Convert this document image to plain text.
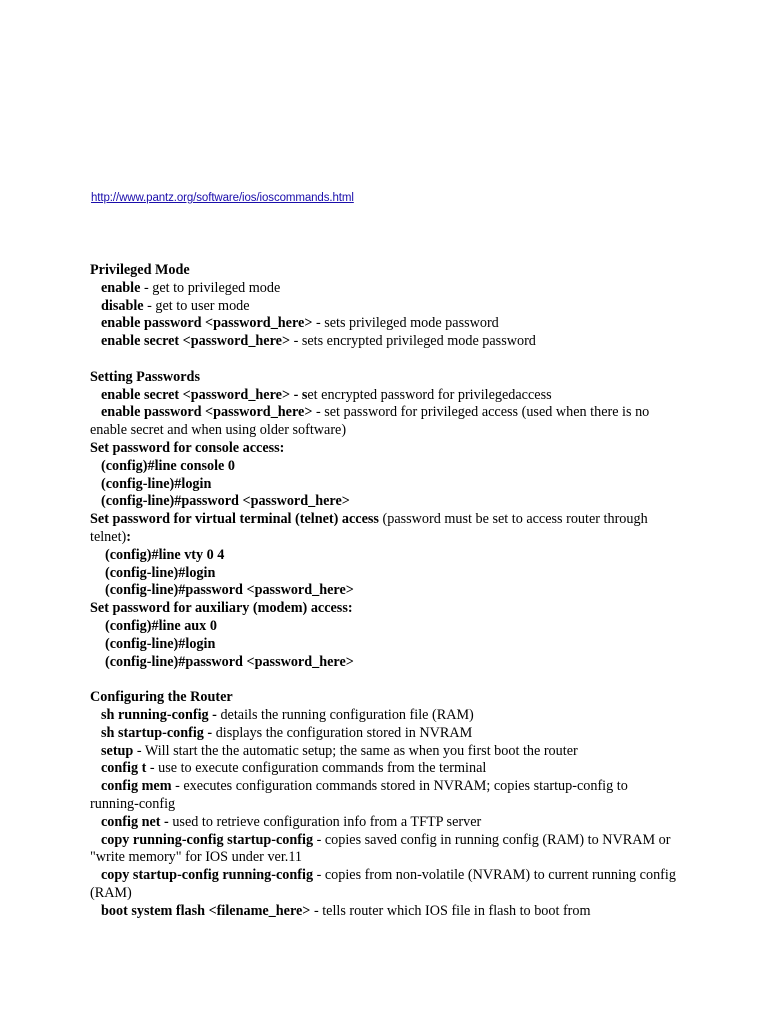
http://www.pantz.org/software/ios/ioscommands.html
Privileged Mode
enable - get to privileged mode
disable - get to user mode
enable password <password_here> - sets privileged mode password
enable secret <password_here> - sets encrypted privileged mode password
Setting Passwords
enable secret <password_here> - set encrypted password for privilegedaccess
enable password <password_here> - set password for privileged access (used when there is no enable secret and when using older software)
Set password for console access:
(config)#line console 0
(config-line)#login
(config-line)#password <password_here>
Set password for virtual terminal (telnet) access (password must be set to access router through telnet):
(config)#line vty 0 4
(config-line)#login
(config-line)#password <password_here>
Set password for auxiliary (modem) access:
(config)#line aux 0
(config-line)#login
(config-line)#password <password_here>
Configuring the Router
sh running-config - details the running configuration file (RAM)
sh startup-config - displays the configuration stored in NVRAM
setup - Will start the the automatic setup; the same as when you first boot the router
config t - use to execute configuration commands from the terminal
config mem - executes configuration commands stored in NVRAM; copies startup-config to running-config
config net - used to retrieve configuration info from a TFTP server
copy running-config startup-config - copies saved config in running config (RAM) to NVRAM or "write memory" for IOS under ver.11
copy startup-config running-config - copies from non-volatile (NVRAM) to current running config (RAM)
boot system flash <filename_here> - tells router which IOS file in flash to boot from
